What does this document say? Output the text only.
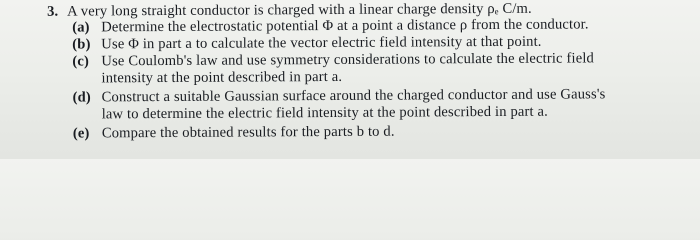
3. A very long straight conductor is charged with a linear charge density ρₑ C/m.
(a) Determine the electrostatic potential Φ at a point a distance ρ from the conductor.
(b) Use Φ in part a to calculate the vector electric field intensity at that point.
(c) Use Coulomb's law and use symmetry considerations to calculate the electric field
intensity at the point described in part a.
(d) Construct a suitable Gaussian surface around the charged conductor and use Gauss's
law to determine the electric field intensity at the point described in part a.
(e) Compare the obtained results for the parts b to d.
